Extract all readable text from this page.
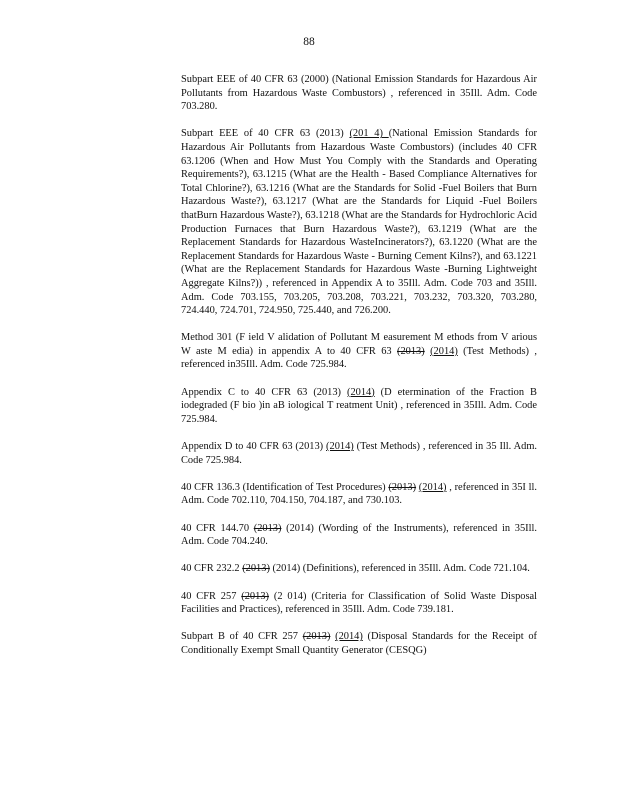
88

Subpart EEE of 40 CFR 63 (2000) (National Emission Standards for Hazardous Air Pollutants from Hazardous Waste Combustors) , referenced in 35Ill. Adm. Code 703.280.

Subpart EEE of 40 CFR 63 (2013) (201 4) (National Emission Standards for Hazardous Air Pollutants from Hazardous Waste Combustors) (includes 40 CFR 63.1206 (When and How Must You Comply with the Standards and Operating Requirements?), 63.1215 (What are the Health - Based Compliance Alternatives for Total Chlorine?), 63.1216 (What are the Standards for Solid -Fuel Boilers that Burn Hazardous Waste?), 63.1217 (What are the Standards for Liquid -Fuel Boilers thatBurn Hazardous Waste?), 63.1218 (What are the Standards for Hydrochloric Acid Production Furnaces that Burn Hazardous Waste?), 63.1219 (What are the Replacement Standards for Hazardous WasteIncinerators?), 63.1220 (What are the Replacement Standards for Hazardous Waste - Burning Cement Kilns?), and 63.1221 (What are the Replacement Standards for Hazardous Waste -Burning Lightweight Aggregate Kilns?)) , referenced in Appendix A to 35Ill. Adm. Code 703 and 35Ill. Adm. Code 703.155, 703.205, 703.208, 703.221, 703.232, 703.320, 703.280, 724.440, 724.701, 724.950, 725.440, and 726.200.

Method 301 (F ield V alidation of Pollutant M easurement M ethods from V arious W aste M edia) in appendix A to 40 CFR 63 (2013) (2014) (Test Methods) , referenced in35Ill. Adm. Code 725.984.

Appendix C to 40 CFR 63 (2013) (2014) (D etermination of the Fraction B iodegraded (F bio )in aB iological T reatment Unit) , referenced in 35Ill. Adm. Code 725.984.

Appendix D to 40 CFR 63 (2013) (2014) (Test Methods) , referenced in 35 Ill. Adm. Code 725.984.

40 CFR 136.3 (Identification of Test Procedures) (2013) (2014) , referenced in 35I ll. Adm. Code 702.110, 704.150, 704.187, and 730.103.

40 CFR 144.70 (2013) (2014) (Wording of the Instruments), referenced in 35Ill. Adm. Code 704.240.

40 CFR 232.2 (2013) (2014) (Definitions), referenced in 35Ill. Adm. Code 721.104.

40 CFR 257 (2013) (2 014) (Criteria for Classification of Solid Waste Disposal Facilities and Practices), referenced in 35Ill. Adm. Code 739.181.

Subpart B of 40 CFR 257 (2013) (2014) (Disposal Standards for the Receipt of Conditionally Exempt Small Quantity Generator (CESQG)
